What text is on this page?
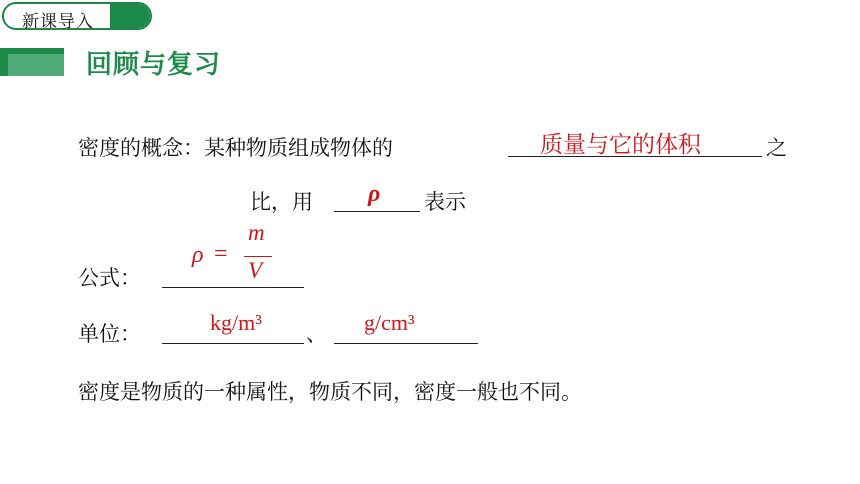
新课导入
回顾与复习
密度的概念：某种物质组成物体的	质量与它的体积	之
比，用 ρ 表示
公式：
ρ =
m
V
单位：	kg/m³ 、 g/cm³
密度是物质的一种属性，物质不同，密度一般也不同。
